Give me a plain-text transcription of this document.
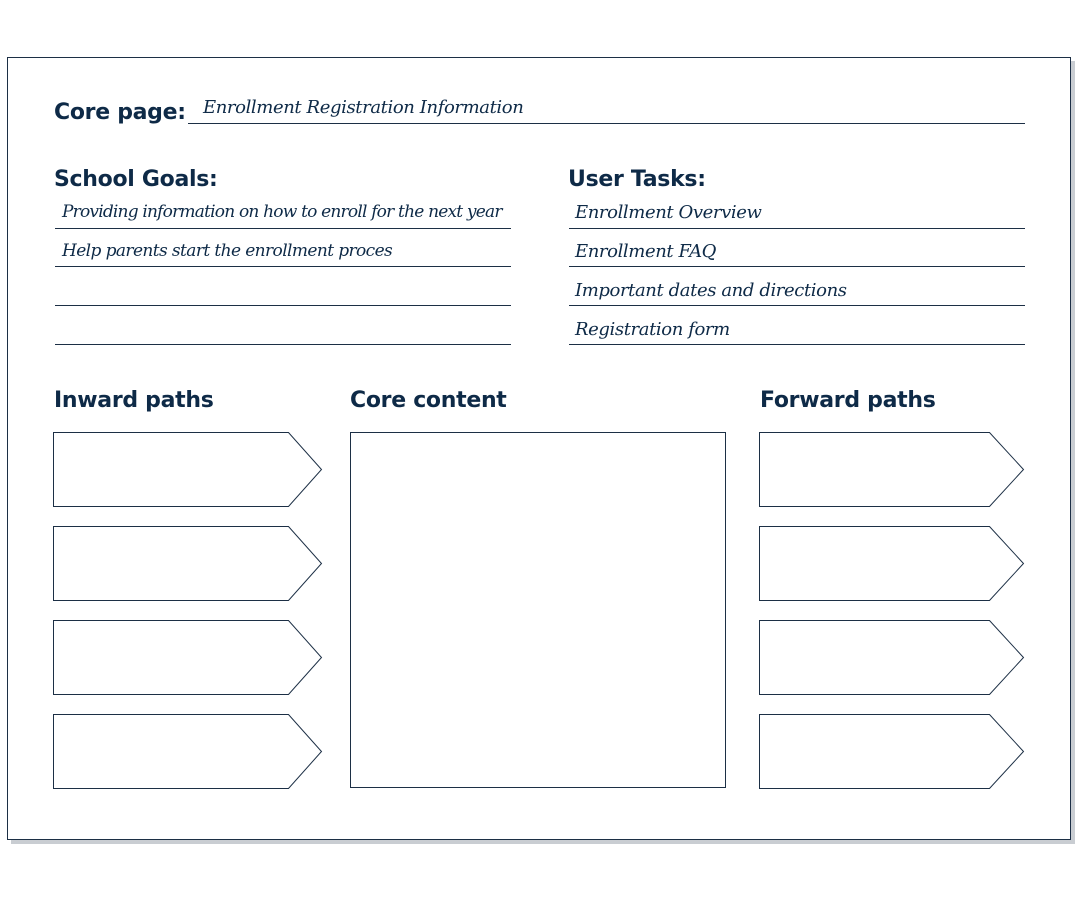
Core page: Enrollment Registration Information
School Goals:
Providing information on how to enroll for the next year
Help parents start the enrollment proces
User Tasks:
Enrollment Overview
Enrollment FAQ
Important dates and directions
Registration form
Inward paths	Core content	Forward paths
